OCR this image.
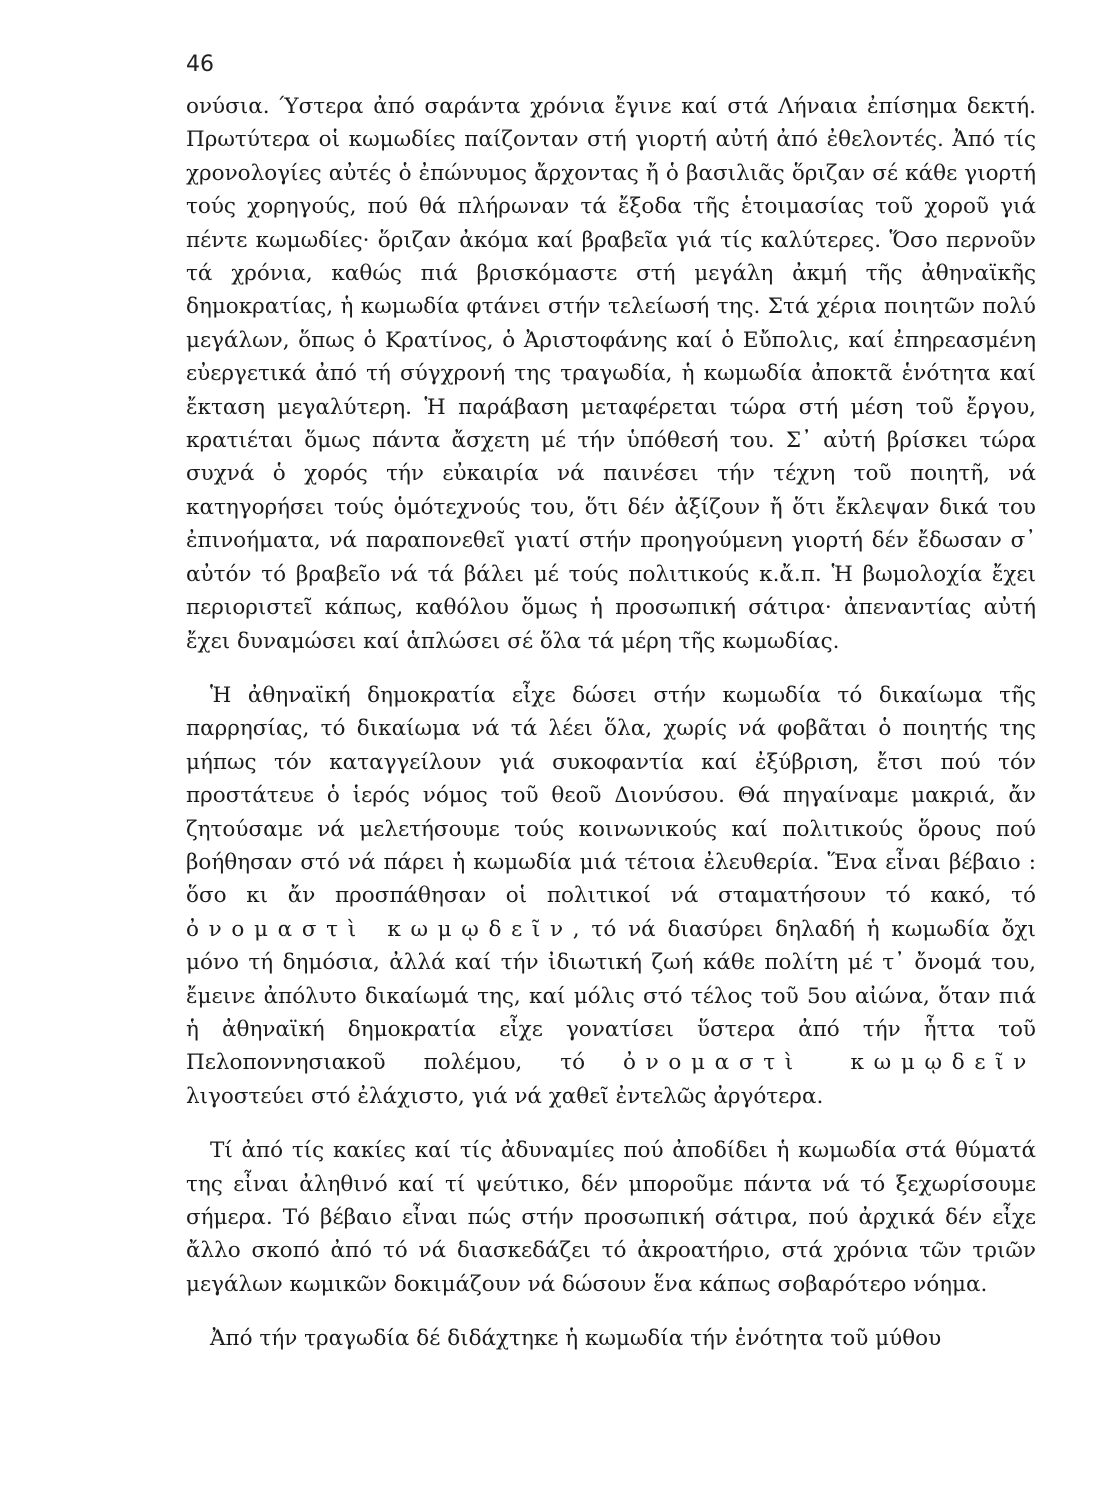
46

ονύσια. Ύστερα ἀπό σαράντα χρόνια ἔγινε καί στά Λήναια ἐπίσημα δεκτή. Πρωτύτερα οἱ κωμωδίες παίζονταν στή γιορτή αὐτή ἀπό ἐθελοντές. Ἀπό τίς χρονολογίες αὐτές ὁ ἐπώνυμος ἄρχοντας ἤ ὁ βασιλιᾶς ὅριζαν σέ κάθε γιορτή τούς χορηγούς, πού θά πλήρωναν τά ἔξοδα τῆς ἑτοιμασίας τοῦ χοροῦ γιά πέντε κωμωδίες· ὅριζαν ἀκόμα καί βραβεῖα γιά τίς καλύτερες. Ὅσο περνοῦν τά χρόνια, καθώς πιά βρισκόμαστε στή μεγάλη ἀκμή τῆς ἀθηναϊκῆς δημοκρατίας, ἡ κωμωδία φτάνει στήν τελείωσή της. Στά χέρια ποιητῶν πολύ μεγάλων, ὅπως ὁ Κρατίνος, ὁ Ἀριστοφάνης καί ὁ Εὔπολις, καί ἐπηρεασμένη εὐεργετικά ἀπό τή σύγχρονή της τραγωδία, ἡ κωμωδία ἀποκτᾶ ἑνότητα καί ἔκταση μεγαλύτερη. Ἡ παράβαση μεταφέρεται τώρα στή μέση τοῦ ἔργου, κρατιέται ὅμως πάντα ἄσχετη μέ τήν ὑπόθεσή του. Σ᾽ αὐτή βρίσκει τώρα συχνά ὁ χορός τήν εὐκαιρία νά παινέσει τήν τέχνη τοῦ ποιητῆ, νά κατηγορήσει τούς ὁμότεχνούς του, ὅτι δέν ἀξίζουν ἤ ὅτι ἔκλεψαν δικά του ἐπινοήματα, νά παραπονεθεῖ γιατί στήν προηγούμενη γιορτή δέν ἔδωσαν σ᾽ αὐτόν τό βραβεῖο νά τά βάλει μέ τούς πολιτικούς κ.ἄ.π. Ἡ βωμολοχία ἔχει περιοριστεῖ κάπως, καθόλου ὅμως ἡ προσωπική σάτιρα· ἀπεναντίας αὐτή ἔχει δυναμώσει καί ἁπλώσει σέ ὅλα τά μέρη τῆς κωμωδίας.

Ἡ ἀθηναϊκή δημοκρατία εἶχε δώσει στήν κωμωδία τό δικαίωμα τῆς παρρησίας, τό δικαίωμα νά τά λέει ὅλα, χωρίς νά φοβᾶται ὁ ποιητής της μήπως τόν καταγγείλουν γιά συκοφαντία καί ἐξύβριση, ἔτσι πού τόν προστάτευε ὁ ἱερός νόμος τοῦ θεοῦ Διονύσου. Θά πηγαίναμε μακριά, ἄν ζητούσαμε νά μελετήσουμε τούς κοινωνικούς καί πολιτικούς ὅρους πού βοήθησαν στό νά πάρει ἡ κωμωδία μιά τέτοια ἐλευθερία. Ἕνα εἶναι βέβαιο : ὅσο κι ἄν προσπάθησαν οἱ πολιτικοί νά σταματήσουν τό κακό, τό ὀνομαστὶ κωμῳδεῖν, τό νά διασύρει δηλαδή ἡ κωμωδία ὄχι μόνο τή δημόσια, ἀλλά καί τήν ἰδιωτική ζωή κάθε πολίτη μέ τ᾽ ὄνομά του, ἔμεινε ἀπόλυτο δικαίωμά της, καί μόλις στό τέλος τοῦ 5ου αἰώνα, ὅταν πιά ἡ ἀθηναϊκή δημοκρατία εἶχε γονατίσει ὕστερα ἀπό τήν ἧττα τοῦ Πελοποννησιακοῦ πολέμου, τό ὀνομαστὶ κωμῳδεῖν λιγοστεύει στό ἐλάχιστο, γιά νά χαθεῖ ἐντελῶς ἀργότερα.

Τί ἀπό τίς κακίες καί τίς ἀδυναμίες πού ἀποδίδει ἡ κωμωδία στά θύματά της εἶναι ἀληθινό καί τί ψεύτικο, δέν μποροῦμε πάντα νά τό ξεχωρίσουμε σήμερα. Τό βέβαιο εἶναι πώς στήν προσωπική σάτιρα, πού ἀρχικά δέν εἶχε ἄλλο σκοπό ἀπό τό νά διασκεδάζει τό ἀκροατήριο, στά χρόνια τῶν τριῶν μεγάλων κωμικῶν δοκιμάζουν νά δώσουν ἕνα κάπως σοβαρότερο νόημα.

Ἀπό τήν τραγωδία δέ διδάχτηκε ἡ κωμωδία τήν ἑνότητα τοῦ μύθου
